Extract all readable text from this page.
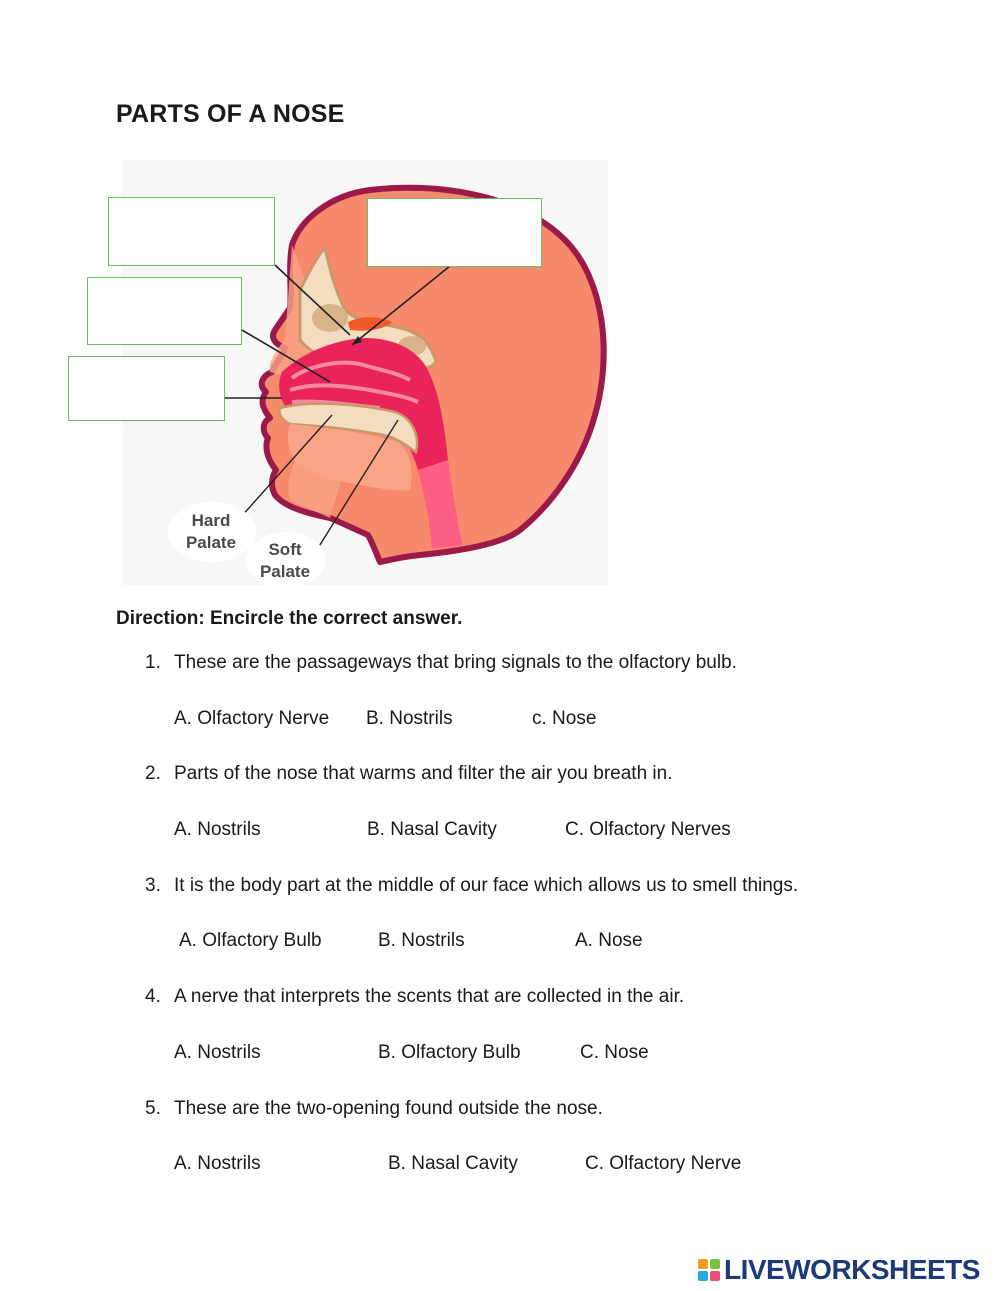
PARTS OF A NOSE
Hard
Palate	Soft
Palate
Direction: Encircle the correct answer.
1. These are the passageways that bring signals to the olfactory bulb.
A. Olfactory Nerve B. Nostrils	c. Nose
2. Parts of the nose that warms and filter the air you breath in.
A. Nostrils	B. Nasal Cavity	C. Olfactory Nerves
3. It is the body part at the middle of our face which allows us to smell things.
A. Olfactory Bulb	B. Nostrils	A. Nose
4. A nerve that interprets the scents that are collected in the air.
A. Nostrils	B. Olfactory Bulb	C. Nose
5. These are the two-opening found outside the nose.
A. Nostrils	B. Nasal Cavity	C. Olfactory Nerve
LIVEWORKSHEETS
